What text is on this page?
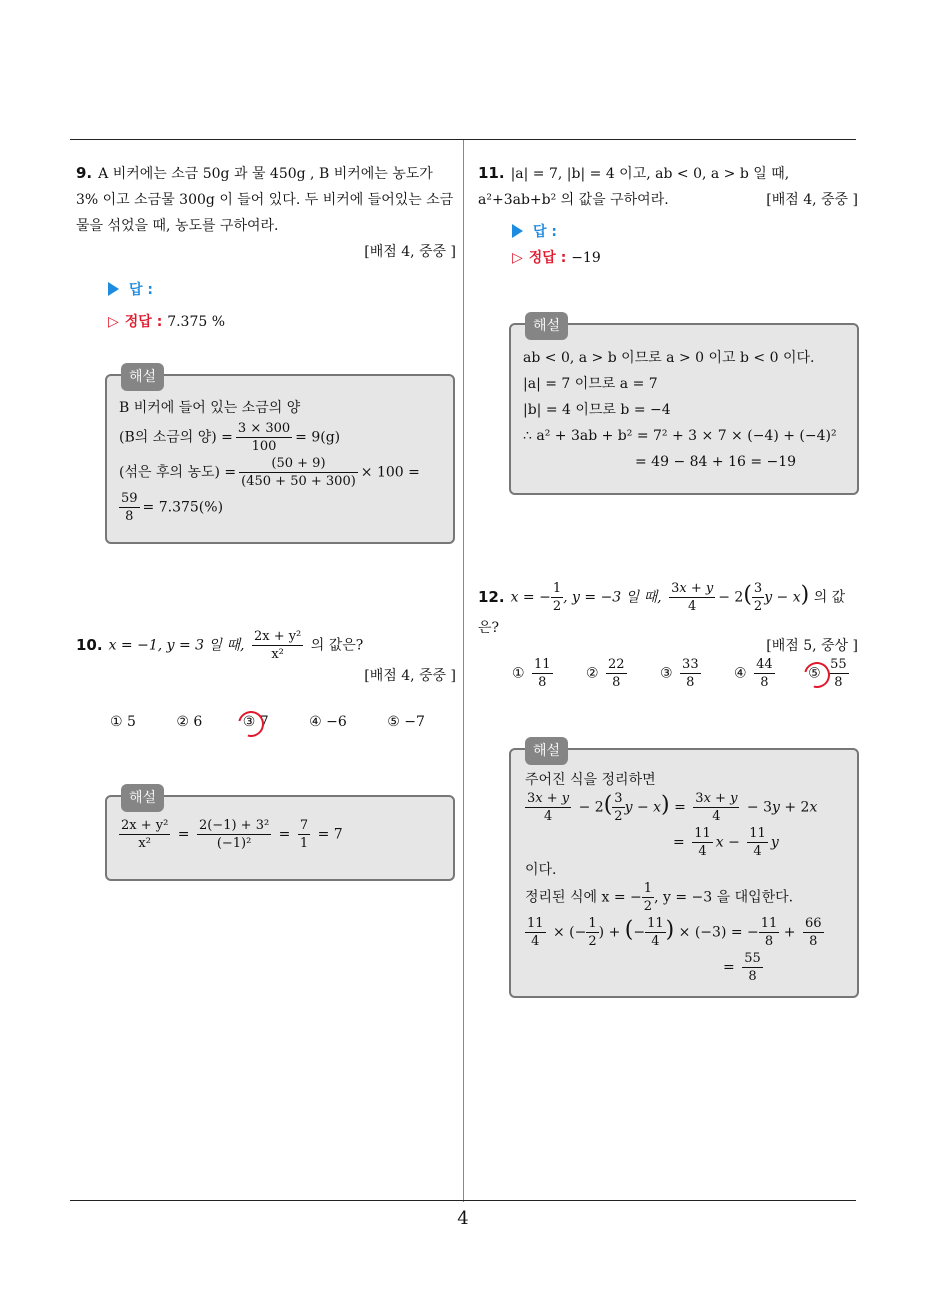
9. A 비커에는 소금 50g 과 물 450g , B 비커에는 농도가 3% 이고 소금물 300g 이 들어 있다. 두 비커에 들어있는 소금물을 섞었을 때, 농도를 구하여라.
[배점 4, 중중 ]
답 :
▷ 정답 : 7.375 %
해설
B 비커에 들어 있는 소금의 양
(B의 소금의 양) = $\frac{3 \times 300}{100} = 9(g)$
(섞은 후의 농도) = $\frac{(50 + 9)}{(450 + 50 + 300)} \times 100$ =
$\frac{59}{8} = 7.375(\%)$
10. x = −1, y = 3 일 때, $\frac{\text{2x + y²}}{\text{x²}}$ 의 값은?
[배점 4, 중중 ]
① 5	② 6	③ 7	④ −6	⑤ −7
해설
$\frac{\text{2x + y²}}{\text{x²}} = \frac{\text{2(−1) + 3²}}{\text{(−1)²}} = \frac{7}{1} = 7$
11. |a| = 7, |b| = 4 이고, ab < 0, a > b 일 때, a²+3ab+b² 의 값을 구하여라.	[배점 4, 중중 ]
답 :
▷ 정답 : −19
해설
ab < 0, a > b 이므로 a > 0 이고 b < 0 이다.
|a| = 7 이므로 a = 7
|b| = 4 이므로 b = −4
∴ a² + 3ab + b² = 7² + 3 × 7 × (−4) + (−4)²
= 49 − 84 + 16 = −19
12. x = − $\frac{1}{2}$ , y = −3 일 때, $\frac{3x + y}{4} - 2( \frac{3}{2}$ y − x) 의 값은?
[배점 5, 중상 ]
① $\frac{11}{8}$ ② $\frac{22}{8}$ ③ $\frac{33}{8}$ ④ $\frac{44}{8}$
⑤ $\frac{55}{8}$
해설
주어진 식을 정리하면
$\frac{3x + y}{4} - 2( \frac{3}{2}$ $y - x) = \frac{3x + y}{4} - 3y + 2x$
= $\frac{11}{4}$ $x - \frac{11}{4}$ y
이다.
정리된 식에 x = − $\frac{1}{2}$ , y = −3 을 대입한다.
$\frac{11}{4}$ × (− $\frac{1}{2}$ ) + (− $\frac{11}{4}$ ) × (−3) = − $\frac{11}{8} + \frac{66}{8}$
= $\frac{55}{8}$
4
